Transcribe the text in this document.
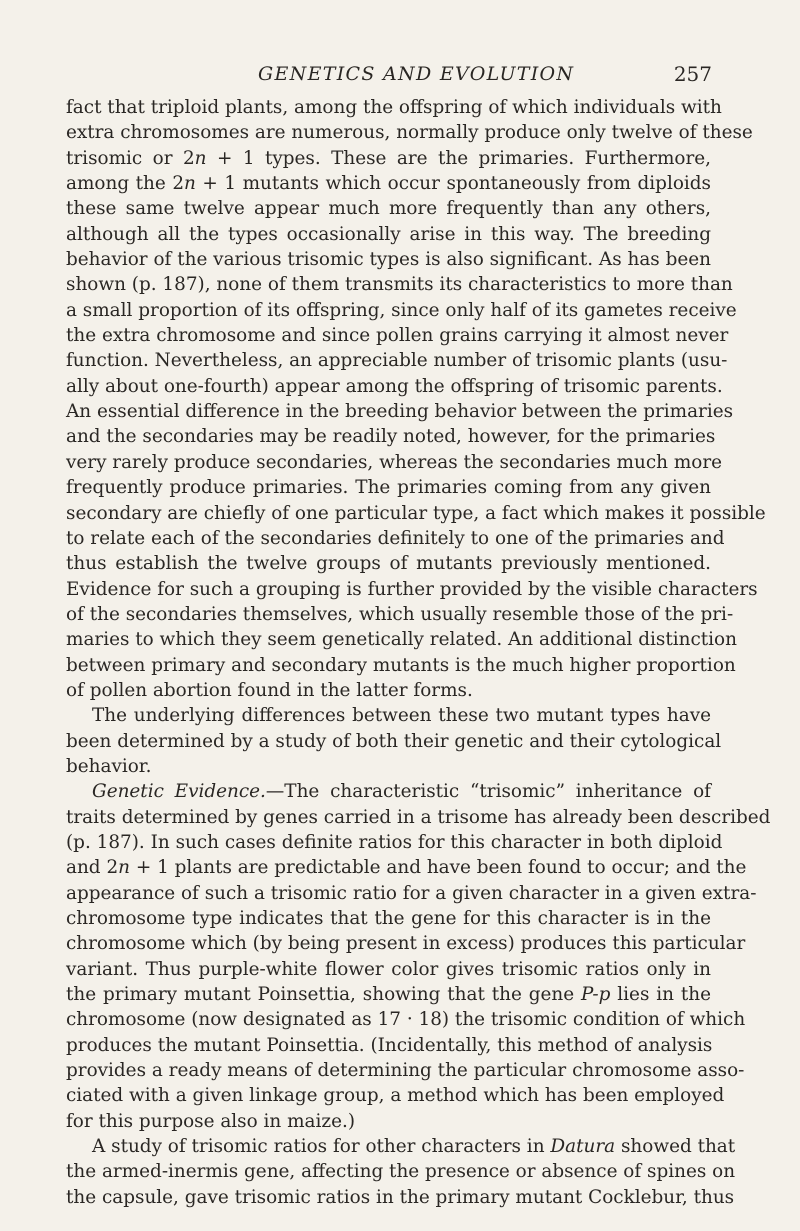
GENETICS AND EVOLUTION	257
fact that triploid plants, among the offspring of which individuals with
extra chromosomes are numerous, normally produce only twelve of these
trisomic or 2n + 1 types. These are the primaries. Furthermore,
among the 2n + 1 mutants which occur spontaneously from diploids
these same twelve appear much more frequently than any others,
although all the types occasionally arise in this way. The breeding
behavior of the various trisomic types is also significant. As has been
shown (p. 187), none of them transmits its characteristics to more than
a small proportion of its offspring, since only half of its gametes receive
the extra chromosome and since pollen grains carrying it almost never
function. Nevertheless, an appreciable number of trisomic plants (usu-
ally about one-fourth) appear among the offspring of trisomic parents.
An essential difference in the breeding behavior between the primaries
and the secondaries may be readily noted, however, for the primaries
very rarely produce secondaries, whereas the secondaries much more
frequently produce primaries. The primaries coming from any given
secondary are chiefly of one particular type, a fact which makes it possible
to relate each of the secondaries definitely to one of the primaries and
thus establish the twelve groups of mutants previously mentioned.
Evidence for such a grouping is further provided by the visible characters
of the secondaries themselves, which usually resemble those of the pri-
maries to which they seem genetically related. An additional distinction
between primary and secondary mutants is the much higher proportion
of pollen abortion found in the latter forms.
The underlying differences between these two mutant types have
been determined by a study of both their genetic and their cytological
behavior.
Genetic Evidence.—The characteristic “trisomic” inheritance of
traits determined by genes carried in a trisome has already been described
(p. 187). In such cases definite ratios for this character in both diploid
and 2n + 1 plants are predictable and have been found to occur; and the
appearance of such a trisomic ratio for a given character in a given extra-
chromosome type indicates that the gene for this character is in the
chromosome which (by being present in excess) produces this particular
variant. Thus purple-white flower color gives trisomic ratios only in
the primary mutant Poinsettia, showing that the gene P-p lies in the
chromosome (now designated as 17 · 18) the trisomic condition of which
produces the mutant Poinsettia. (Incidentally, this method of analysis
provides a ready means of determining the particular chromosome asso-
ciated with a given linkage group, a method which has been employed
for this purpose also in maize.)
A study of trisomic ratios for other characters in Datura showed that
the armed-inermis gene, affecting the presence or absence of spines on
the capsule, gave trisomic ratios in the primary mutant Cocklebur, thus
